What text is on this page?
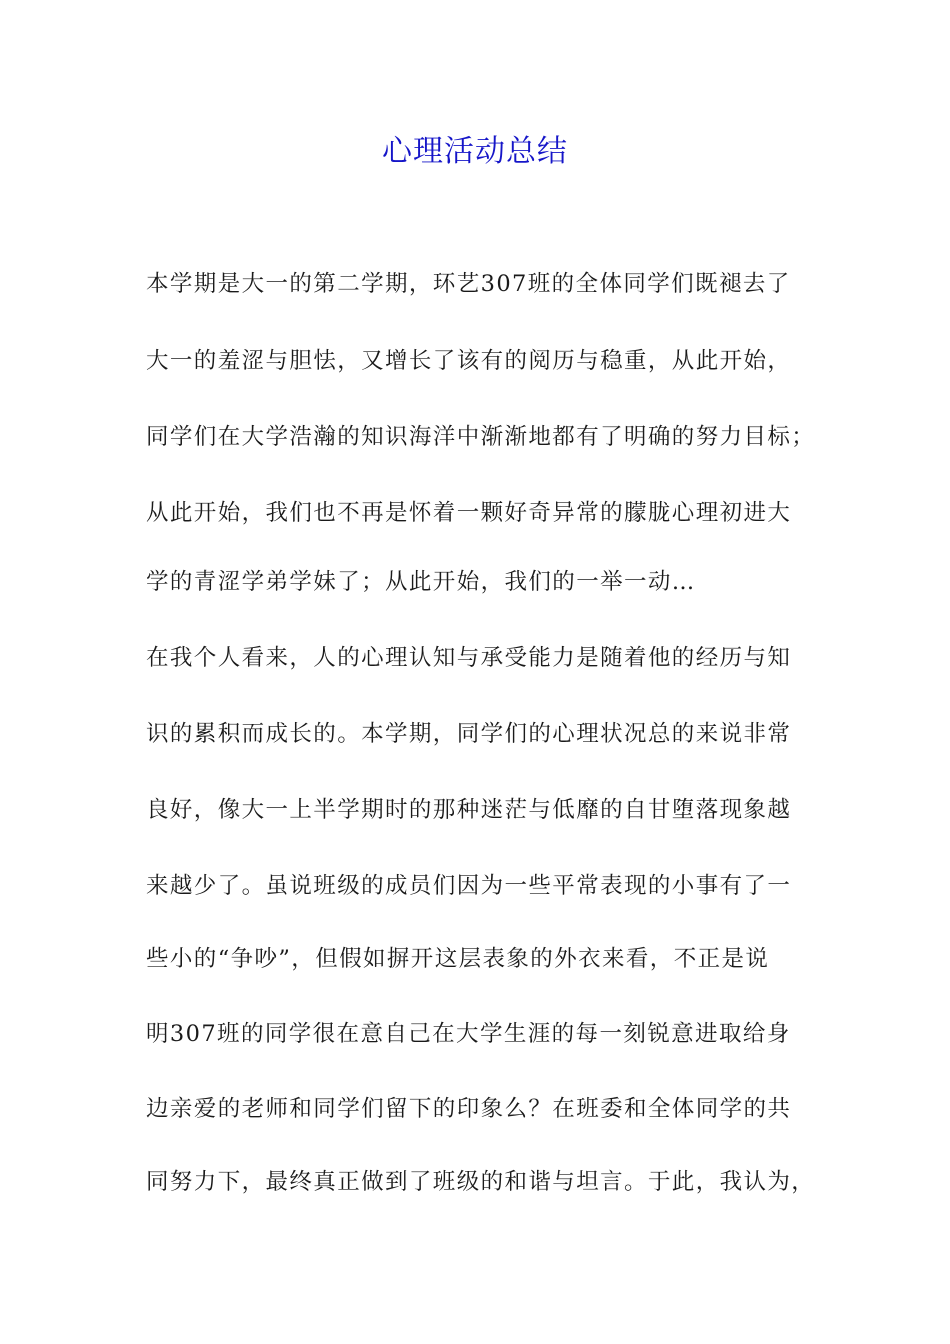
心理活动总结
本学期是大一的第二学期，环艺307班的全体同学们既褪去了
大一的羞涩与胆怯，又增长了该有的阅历与稳重，从此开始，
同学们在大学浩瀚的知识海洋中渐渐地都有了明确的努力目标；
从此开始，我们也不再是怀着一颗好奇异常的朦胧心理初进大
学的青涩学弟学妹了；从此开始，我们的一举一动…
在我个人看来，人的心理认知与承受能力是随着他的经历与知
识的累积而成长的。本学期，同学们的心理状况总的来说非常
良好，像大一上半学期时的那种迷茫与低靡的自甘堕落现象越
来越少了。虽说班级的成员们因为一些平常表现的小事有了一
些小的“争吵”，但假如摒开这层表象的外衣来看，不正是说
明307班的同学很在意自己在大学生涯的每一刻锐意进取给身
边亲爱的老师和同学们留下的印象么？在班委和全体同学的共
同努力下，最终真正做到了班级的和谐与坦言。于此，我认为，
